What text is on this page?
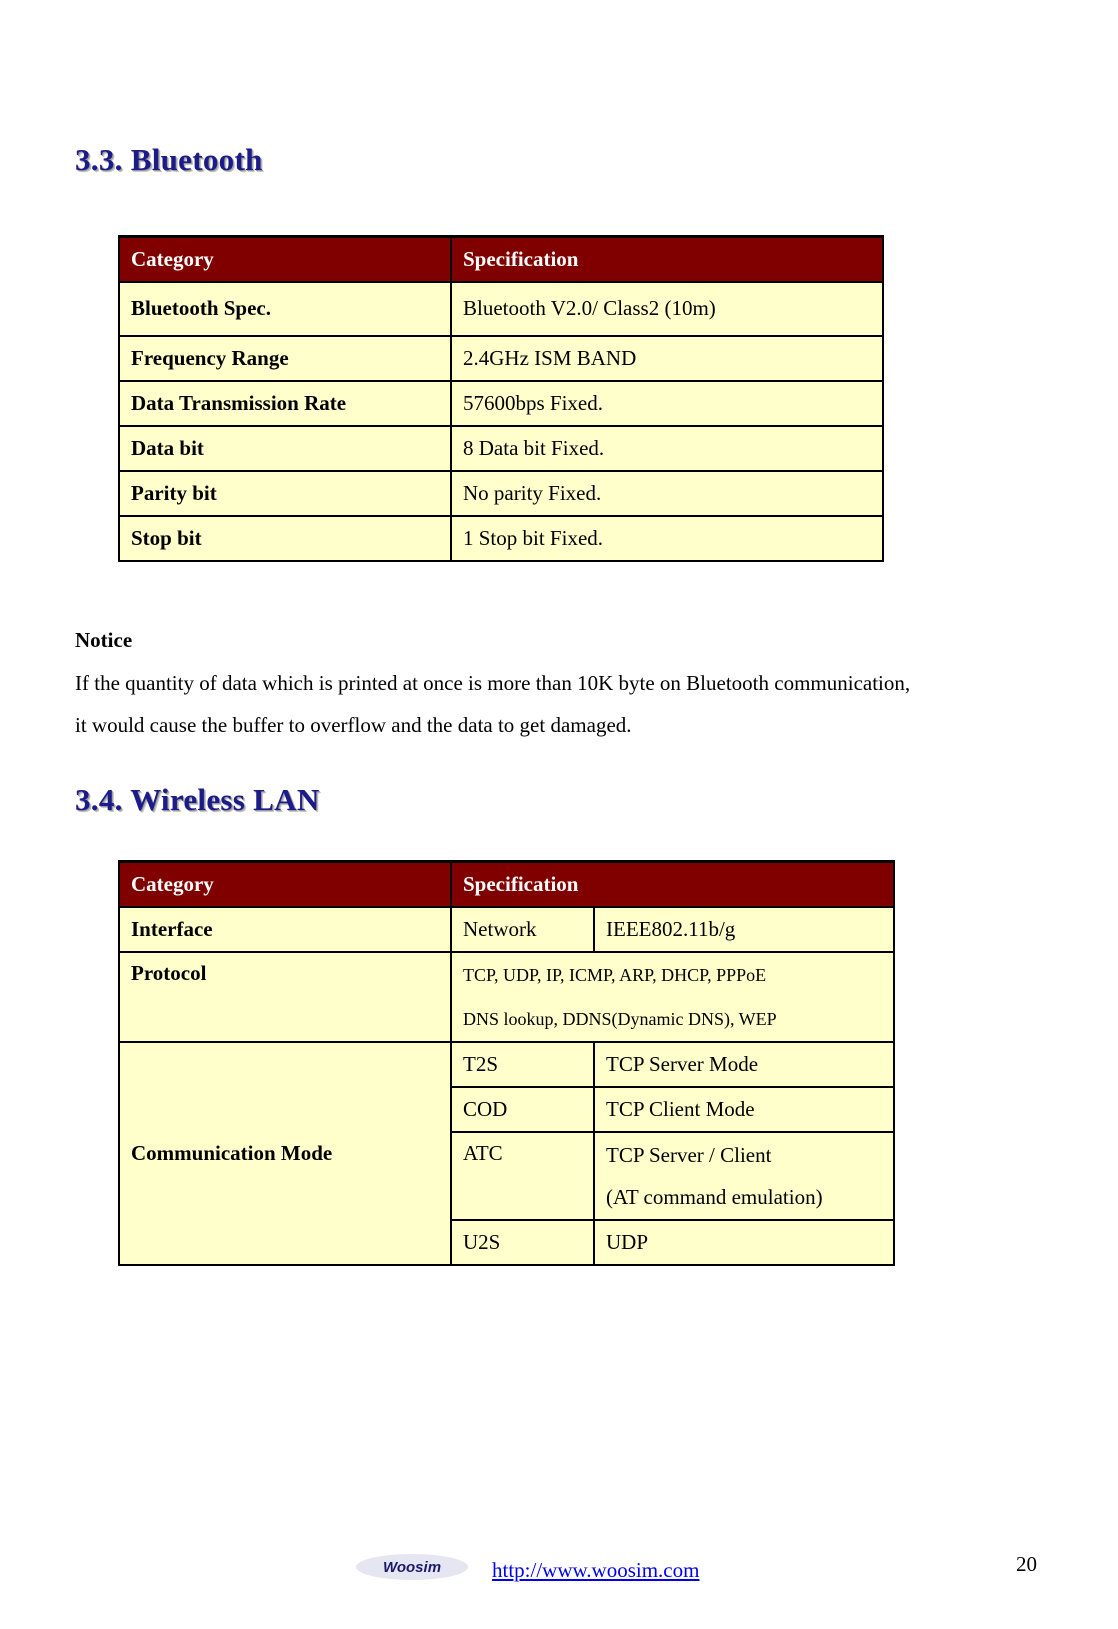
3.3. Bluetooth
Category	Specification
Bluetooth Spec.	Bluetooth V2.0/ Class2 (10m)
Frequency Range	2.4GHz ISM BAND
Data Transmission Rate	57600bps Fixed.
Data bit	8 Data bit Fixed.
Parity bit	No parity Fixed.
Stop bit	1 Stop bit Fixed.
Notice

If the quantity of data which is printed at once is more than 10K byte on Bluetooth communication,
it would cause the buffer to overflow and the data to get damaged.

3.4. Wireless LAN
Category	Specification	
Interface	Network	IEEE802.11b/g
Protocol	TCP, UDP, IP, ICMP, ARP, DHCP, PPPoE
DNS lookup, DDNS(Dynamic DNS), WEP	

Communication Mode	T2S	TCP Server Mode
	COD	TCP Client Mode
	ATC	TCP Server / Client
(AT command emulation)

	U2S	UDP
Woosim http://www.woosim.com	20
